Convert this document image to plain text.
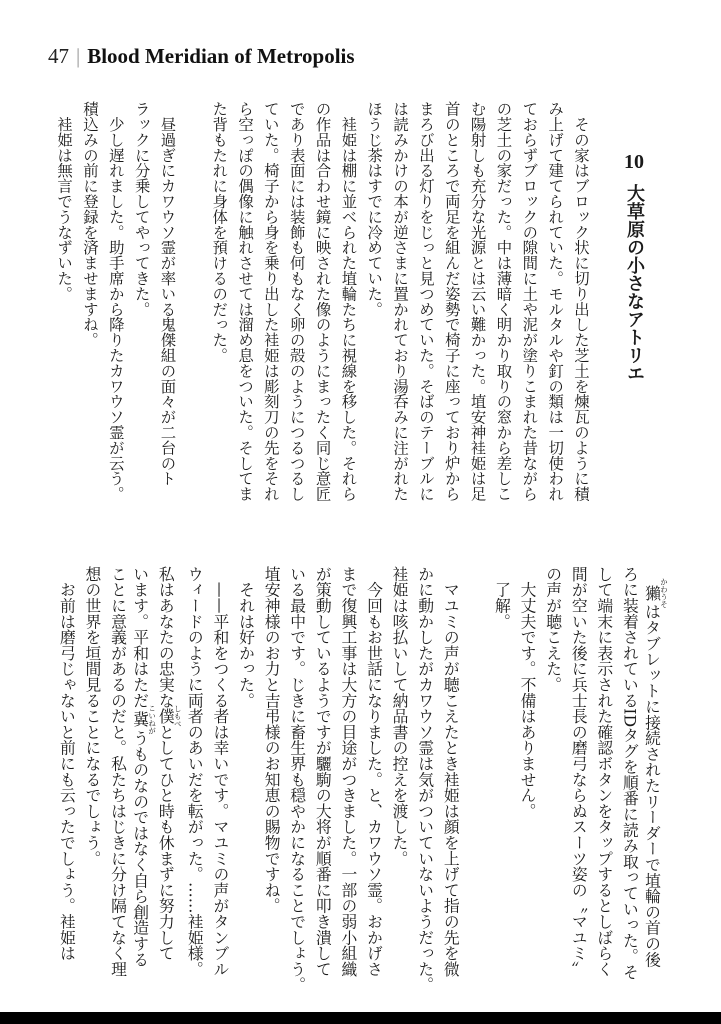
47 | Blood Meridian of Metropolis
10大草原の小さなアトリエ
　その家はブロック状に切り出した芝土を煉瓦のように積
み上げて建てられていた。モルタルや釘の類は一切使われ
ておらずブロックの隙間に土や泥が塗りこまれた昔ながら
の芝土の家だった。中は薄暗く明かり取りの窓から差しこ
む陽射しも充分な光源とは云い難かった。埴安神袿姫は足
首のところで両足を組んだ姿勢で椅子に座っており炉から
まろび出る灯りをじっと見つめていた。そばのテーブルに
は読みかけの本が逆さまに置かれており湯呑みに注がれた
ほうじ茶はすでに冷めていた。
　袿姫は棚に並べられた埴輪たちに視線を移した。それら
の作品は合わせ鏡に映された像のようにまったく同じ意匠
であり表面には装飾も何もなく卵の殻のようにつるつるし
ていた。椅子から身を乗り出した袿姫は彫刻刀の先をそれ
ら空っぽの偶像に触れさせては溜め息をついた。そしてま
た背もたれに身体を預けるのだった。
　昼過ぎにカワウソ霊が率いる鬼傑組の面々が二台のト
ラックに分乗してやってきた。
　少し遅れました。助手席から降りたカワウソ霊が云う。
積込みの前に登録を済ませますね。
　袿姫は無言でうなずいた。
　獺かわうそはタブレットに接続されたリーダーで埴輪の首の後
ろに装着されているIDタグを順番に読み取っていった。そ
して端末に表示された確認ボタンをタップするとしばらく
間が空いた後に兵士長の磨弓ならぬスーツ姿の〝マユミ〟
の声が聴こえた。
　大丈夫です。不備はありません。
　了解。
　マユミの声が聴こえたとき袿姫は顔を上げて指の先を微
かに動かしたがカワウソ霊は気がついていないようだった。
袿姫は咳払いして納品書の控えを渡した。
　今回もお世話になりました。と、カワウソ霊。おかげさ
まで復興工事は大方の目途がつきました。一部の弱小組織
が策動しているようですが驪駒の大将が順番に叩き潰して
いる最中です。じきに畜生界も穏やかになることでしょう。
埴安神様のお力と吉弔様のお知恵の賜物ですね。
　それは好かった。
　——平和をつくる者は幸いです。マユミの声がタンブル
ウィードのように両者のあいだを転がった。……袿姫様。
私はあなたの忠実な僕しもべとしてひと時も休まずに努力して
います。平和はただ冀こいねがうものなのではなく自ら創造する
ことに意義があるのだと。私たちはじきに分け隔てなく理
想の世界を垣間見ることになるでしょう。
　お前は磨弓じゃないと前にも云ったでしょう。袿姫は
